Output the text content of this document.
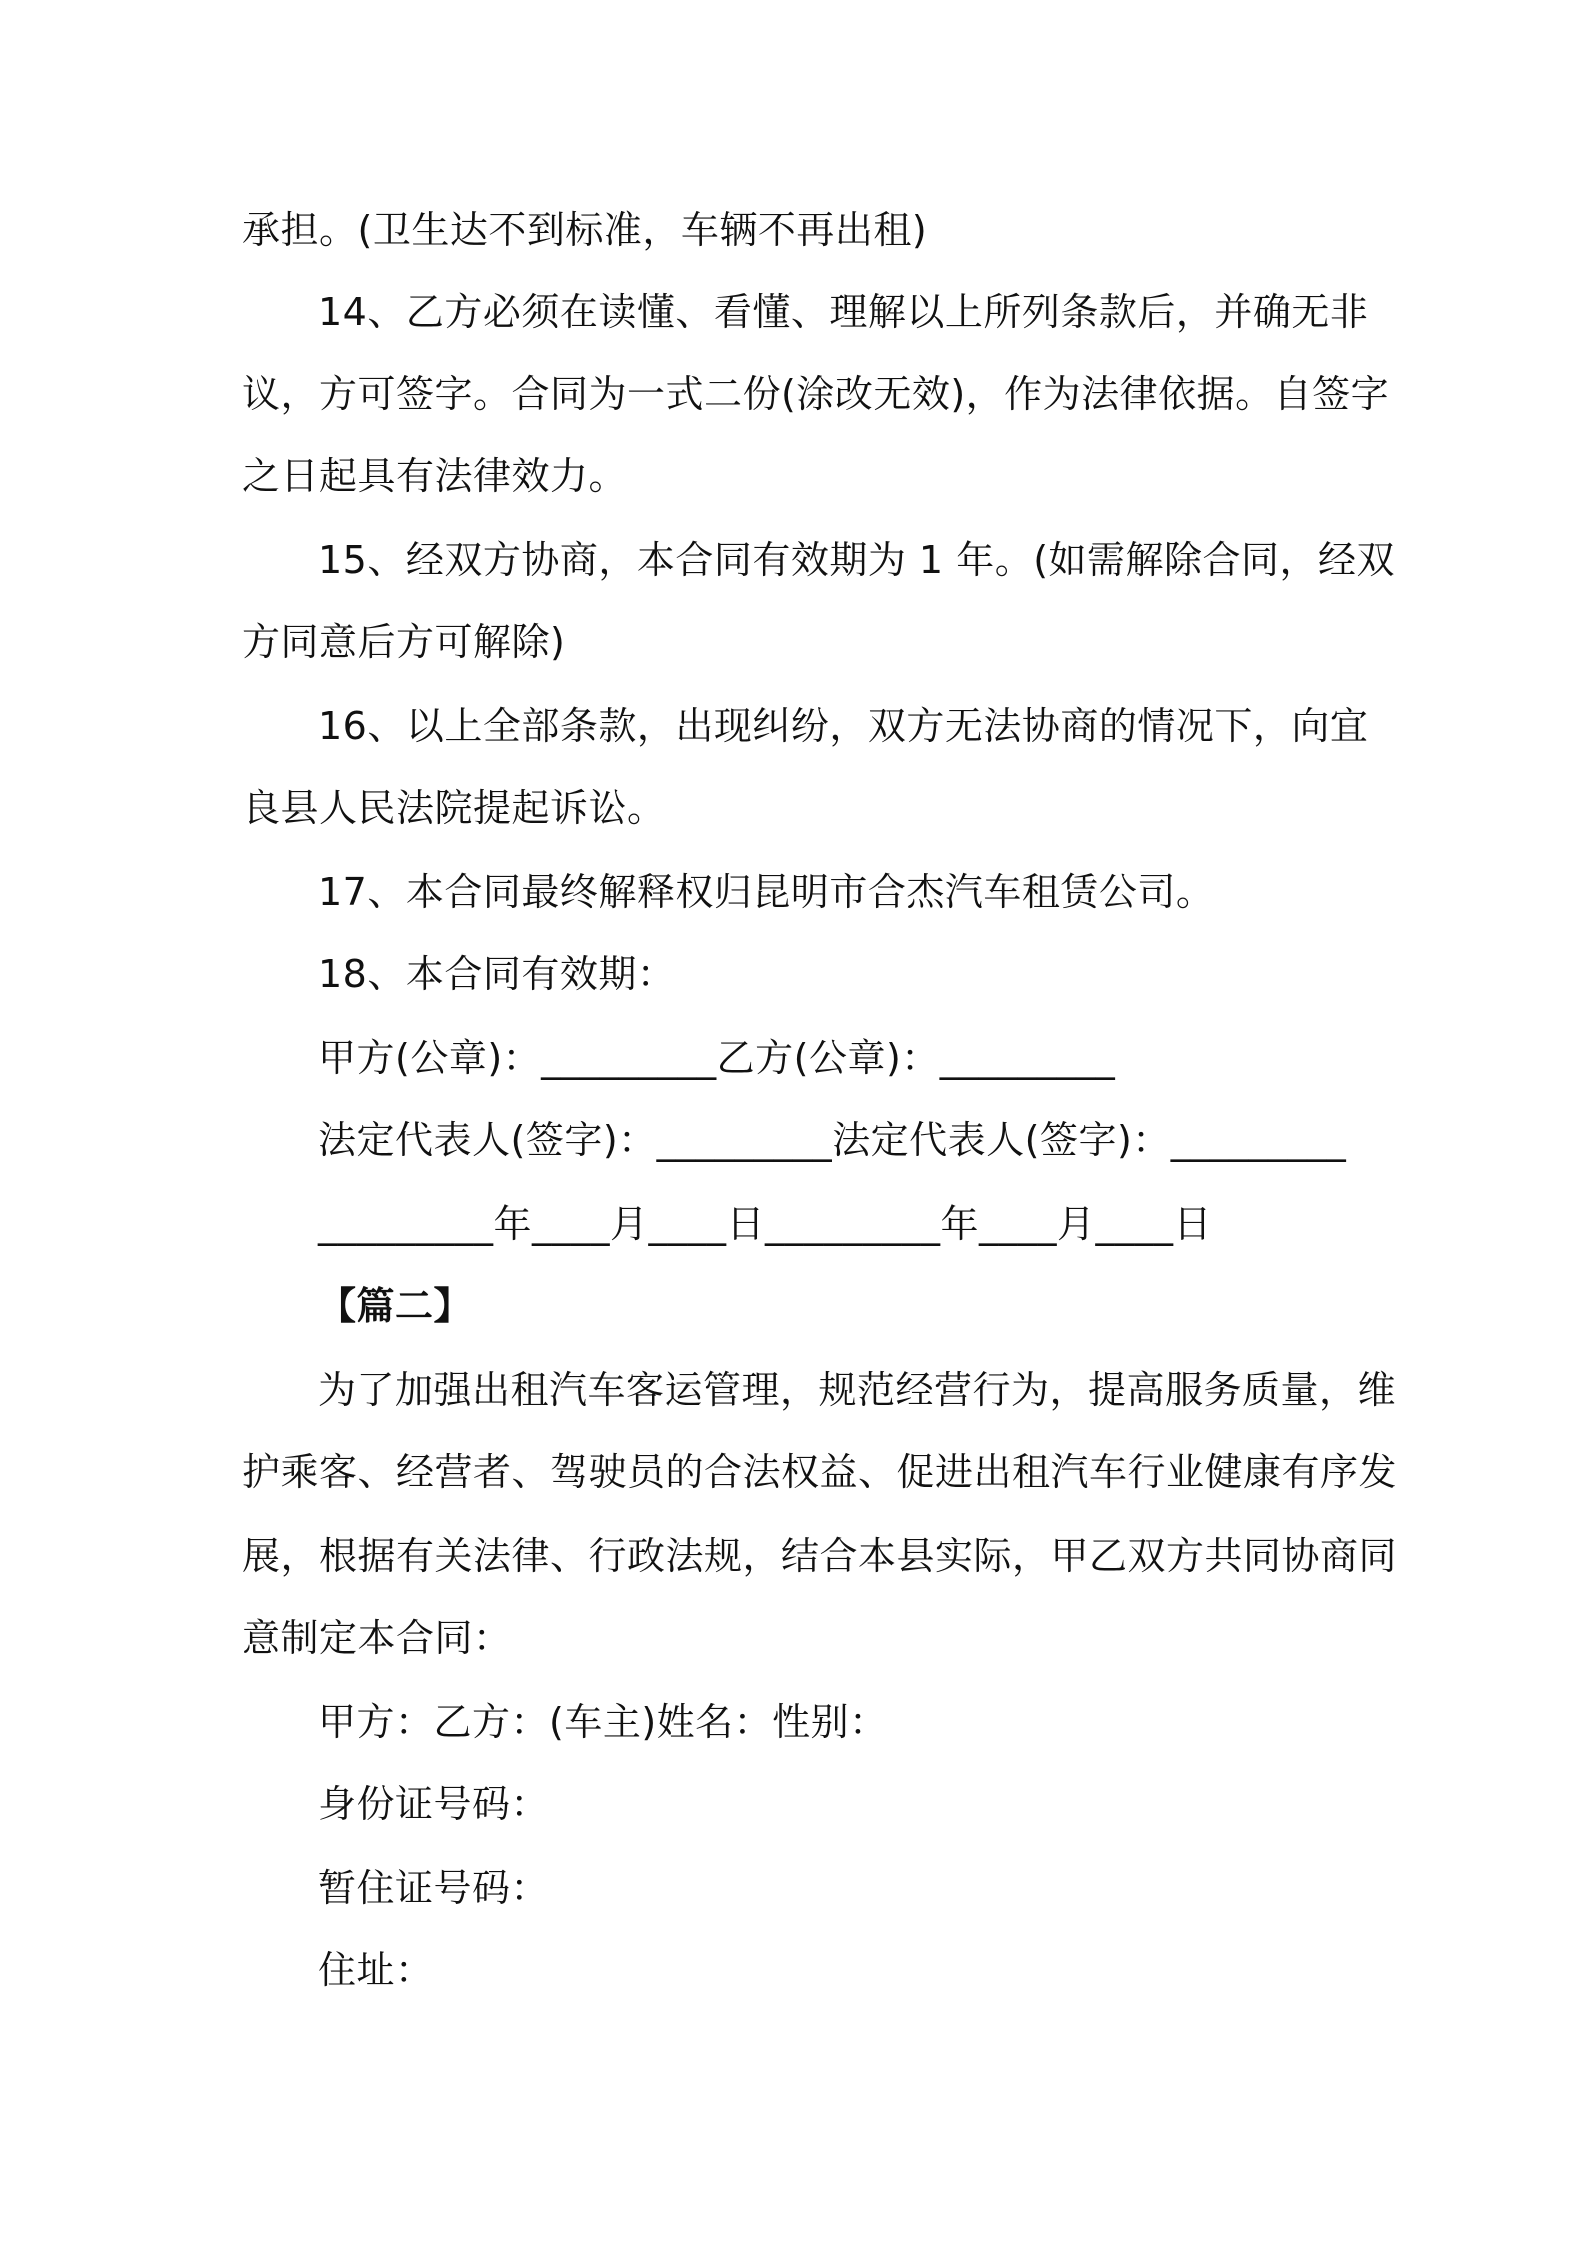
承担。(卫生达不到标准，车辆不再出租)
14、乙方必须在读懂、看懂、理解以上所列条款后，并确无非
议，方可签字。合同为一式二份(涂改无效)，作为法律依据。自签字
之日起具有法律效力。
15、经双方协商，本合同有效期为 1 年。(如需解除合同，经双
方同意后方可解除)
16、以上全部条款，出现纠纷，双方无法协商的情况下，向宜
良县人民法院提起诉讼。
17、本合同最终解释权归昆明市合杰汽车租赁公司。
18、本合同有效期：
甲方(公章)：_________乙方(公章)：_________
法定代表人(签字)：_________法定代表人(签字)：_________
_________年____月____日_________年____月____日
【篇二】
为了加强出租汽车客运管理，规范经营行为，提高服务质量，维
护乘客、经营者、驾驶员的合法权益、促进出租汽车行业健康有序发
展，根据有关法律、行政法规，结合本县实际，甲乙双方共同协商同
意制定本合同：
甲方：乙方：(车主)姓名：性别：
身份证号码：
暂住证号码：
住址：
